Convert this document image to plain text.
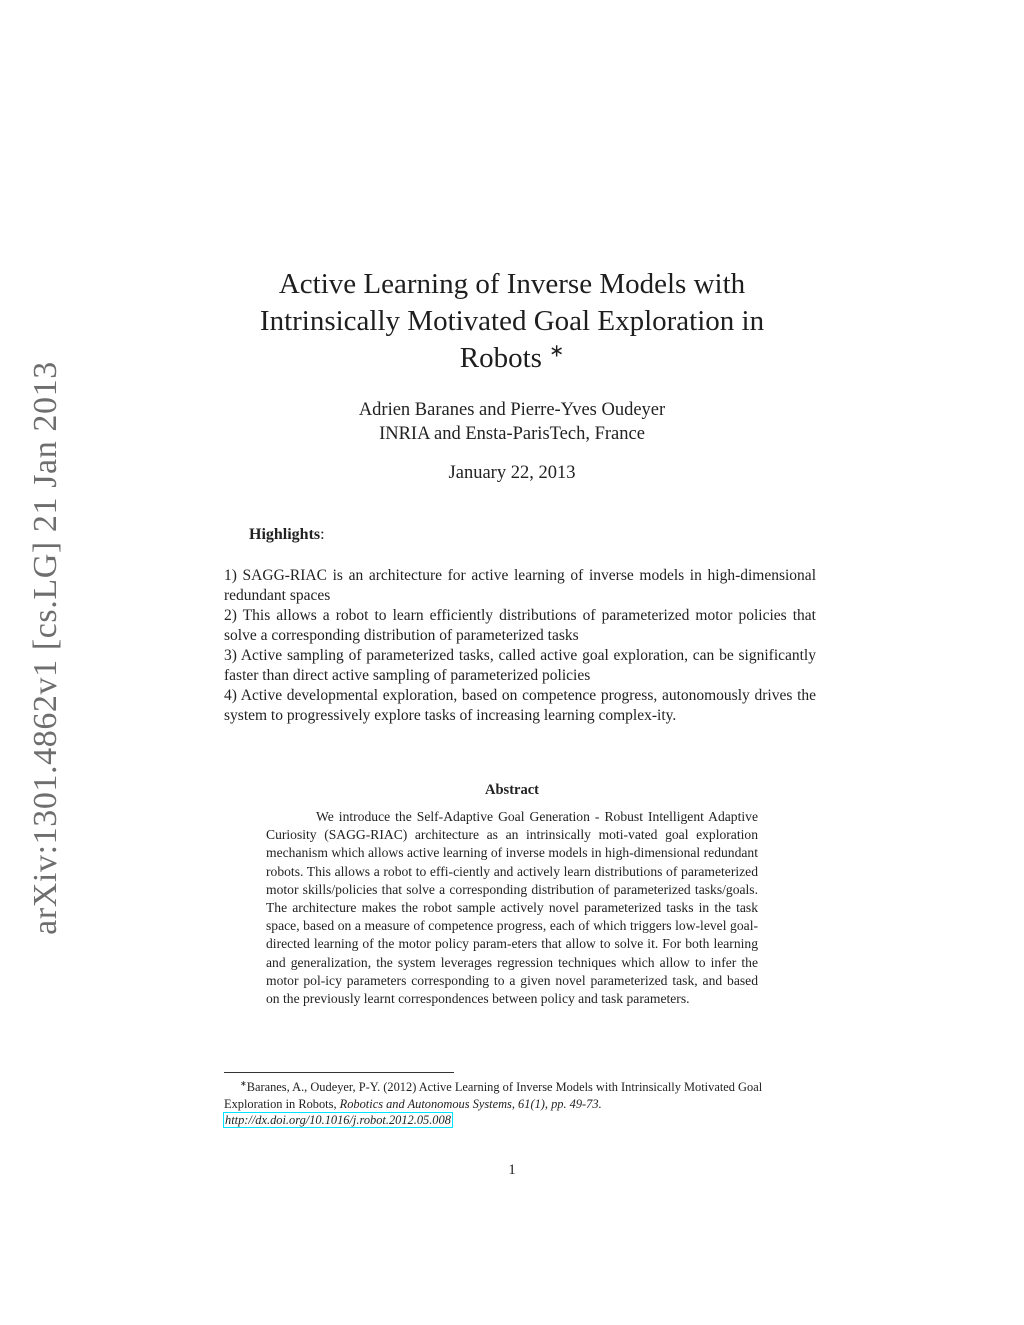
arXiv:1301.4862v1 [cs.LG] 21 Jan 2013
Active Learning of Inverse Models with
Intrinsically Motivated Goal Exploration in
Robots ∗
Adrien Baranes and Pierre-Yves Oudeyer
INRIA and Ensta-ParisTech, France
January 22, 2013
Highlights:

1) SAGG-RIAC is an architecture for active learning of inverse models in high-dimensional redundant spaces

2) This allows a robot to learn efficiently distributions of parameterized motor policies that solve a corresponding distribution of parameterized tasks

3) Active sampling of parameterized tasks, called active goal exploration, can be significantly faster than direct active sampling of parameterized policies

4) Active developmental exploration, based on competence progress, autonomously drives the system to progressively explore tasks of increasing learning complex-ity.

Abstract

We introduce the Self-Adaptive Goal Generation - Robust Intelligent Adaptive Curiosity (SAGG-RIAC) architecture as an intrinsically moti-vated goal exploration mechanism which allows active learning of inverse models in high-dimensional redundant robots. This allows a robot to effi-ciently and actively learn distributions of parameterized motor skills/policies that solve a corresponding distribution of parameterized tasks/goals. The architecture makes the robot sample actively novel parameterized tasks in the task space, based on a measure of competence progress, each of which triggers low-level goal-directed learning of the motor policy param-eters that allow to solve it. For both learning and generalization, the system leverages regression techniques which allow to infer the motor pol-icy parameters corresponding to a given novel parameterized task, and based on the previously learnt correspondences between policy and task parameters.

∗Baranes, A., Oudeyer, P-Y. (2012) Active Learning of Inverse Models with Intrinsically Motivated Goal Exploration in Robots, Robotics and Autonomous Systems, 61(1), pp. 49-73.
http://dx.doi.org/10.1016/j.robot.2012.05.008
1
